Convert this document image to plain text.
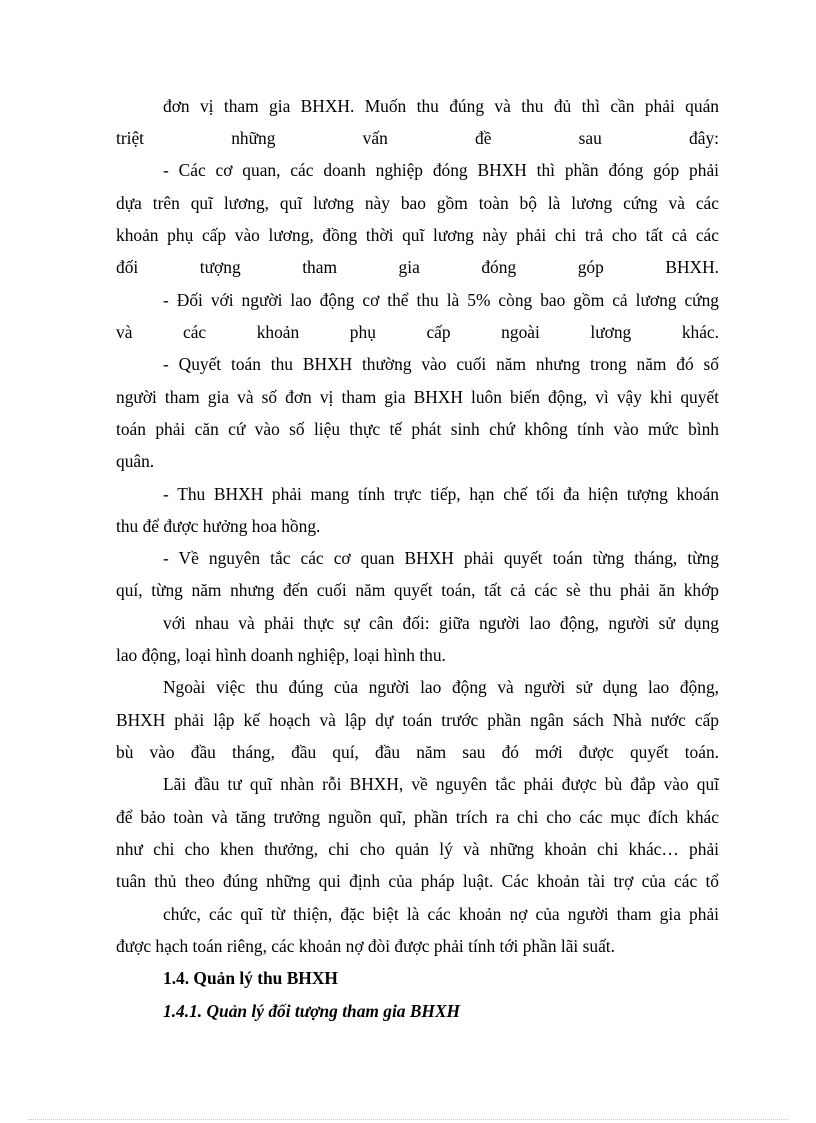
đơn vị tham gia BHXH. Muốn thu đúng và thu đủ thì cần phải quán
triệt những vấn đề sau đây:
- Các cơ quan, các doanh nghiệp đóng BHXH thì phần đóng góp phải
dựa trên quĩ lương, quĩ lương này bao gồm toàn bộ là lương cứng và các
khoản phụ cấp vào lương, đồng thời quĩ lương này phải chi trả cho tất cả các
đối tượng tham gia đóng góp BHXH.
- Đối với người lao động cơ thể thu là 5% còng bao gồm cả lương cứng
và các khoản phụ cấp ngoài lương khác.
- Quyết toán thu BHXH thường vào cuối năm nhưng trong năm đó số
người tham gia và số đơn vị tham gia BHXH luôn biến động, vì vậy khi quyết
toán phải căn cứ vào số liệu thực tế phát sinh chứ không tính vào mức bình
quân.
- Thu BHXH phải mang tính trực tiếp, hạn chế tối đa hiện tượng khoán
thu để được hưởng hoa hồng.
- Về nguyên tắc các cơ quan BHXH phải quyết toán từng tháng, từng
quí, từng năm nhưng đến cuối năm quyết toán, tất cả các sè thu phải ăn khớp
với nhau và phải thực sự cân đối: giữa người lao động, người sử dụng
lao động, loại hình doanh nghiệp, loại hình thu.
Ngoài việc thu đúng của người lao động và người sử dụng lao động,
BHXH phải lập kế hoạch và lập dự toán trước phần ngân sách Nhà nước cấp
bù vào đầu tháng, đầu quí, đầu năm sau đó mới được quyết toán.
Lãi đầu tư quĩ nhàn rỗi BHXH, về nguyên tắc phải được bù đắp vào quĩ
để bảo toàn và tăng trưởng nguồn quĩ, phần trích ra chi cho các mục đích khác
như chi cho khen thưởng, chi cho quản lý và những khoản chi khác… phải
tuân thủ theo đúng những qui định của pháp luật. Các khoản tài trợ của các tổ
chức, các quĩ từ thiện, đặc biệt là các khoản nợ của người tham gia phải
được hạch toán riêng, các khoản nợ đòi được phải tính tới phần lãi suất.
1.4. Quản lý thu BHXH
1.4.1. Quản lý đối tượng tham gia BHXH
